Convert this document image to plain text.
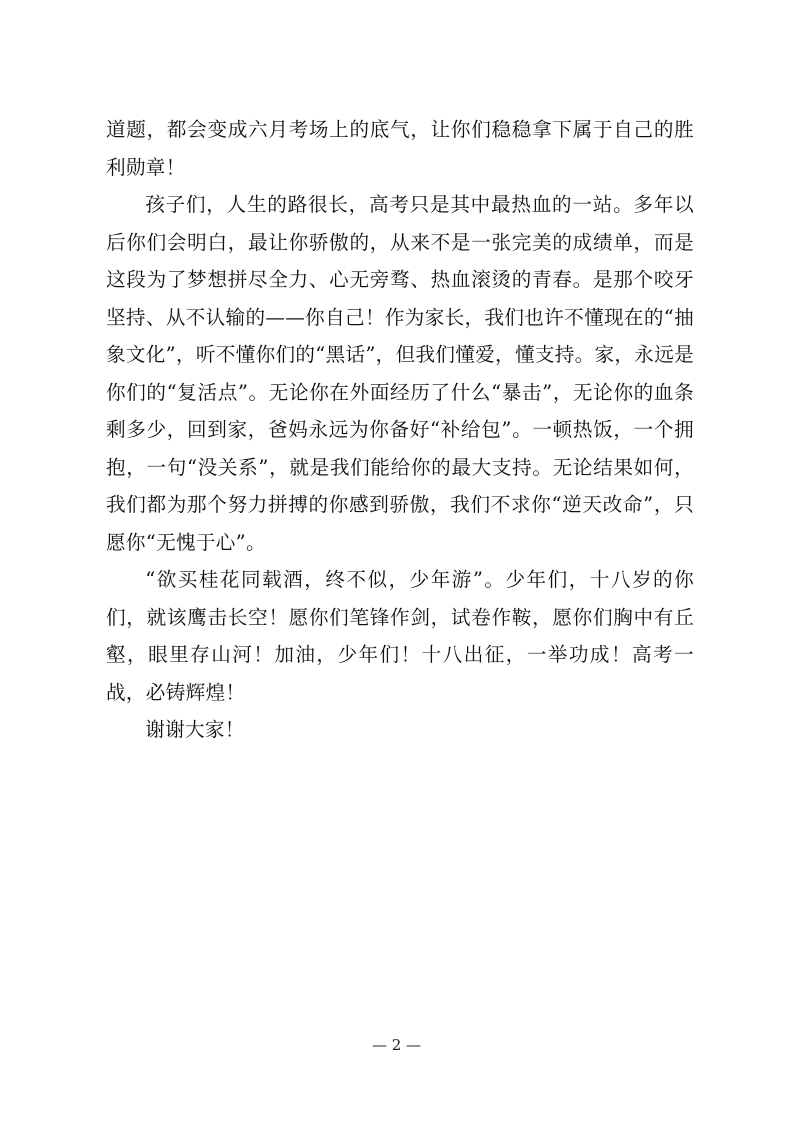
道题，都会变成六月考场上的底气，让你们稳稳拿下属于自己的胜利勋章！

孩子们，人生的路很长，高考只是其中最热血的一站。多年以后你们会明白，最让你骄傲的，从来不是一张完美的成绩单，而是这段为了梦想拼尽全力、心无旁骛、热血滚烫的青春。是那个咬牙坚持、从不认输的——你自己！作为家长，我们也许不懂现在的“抽象文化”，听不懂你们的“黑话”，但我们懂爱，懂支持。家，永远是你们的“复活点”。无论你在外面经历了什么“暴击”，无论你的血条剩多少，回到家，爸妈永远为你备好“补给包”。一顿热饭，一个拥抱，一句“没关系”，就是我们能给你的最大支持。无论结果如何，我们都为那个努力拼搏的你感到骄傲，我们不求你“逆天改命”，只愿你“无愧于心”。

“欲买桂花同载酒，终不似，少年游”。少年们，十八岁的你们，就该鹰击长空！愿你们笔锋作剑，试卷作鞍，愿你们胸中有丘壑，眼里存山河！加油，少年们！十八出征，一举功成！高考一战，必铸辉煌！

谢谢大家！

— 2 —
